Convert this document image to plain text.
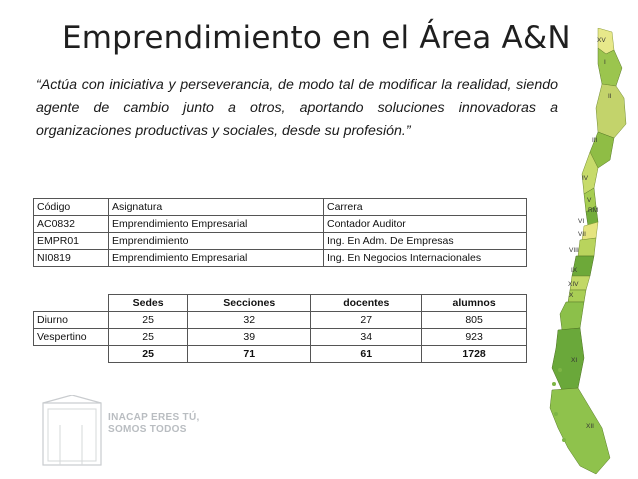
Emprendimiento en el Área A&N
“Actúa con iniciativa y perseverancia, de modo tal de modificar la realidad, siendo agente de cambio junto a otros, aportando soluciones innovadoras a organizaciones productivas y sociales, desde su profesión.”
Código	Asignatura	Carrera
AC0832	Emprendimiento Empresarial	Contador Auditor
EMPR01	Emprendimiento	Ing. En Adm. De Empresas
NI0819	Emprendimiento Empresarial	Ing. En Negocios Internacionales
	Sedes	Secciones	docentes	alumnos
Diurno	25	32	27	805
Vespertino	25	39	34	923
	25	71	61	1728
INACAP ERES TÚ,
SOMOS TODOS
XV
I
II
III
IV
V
RM
VI
VII
VIII
IX
XIV
X
XI
XII
